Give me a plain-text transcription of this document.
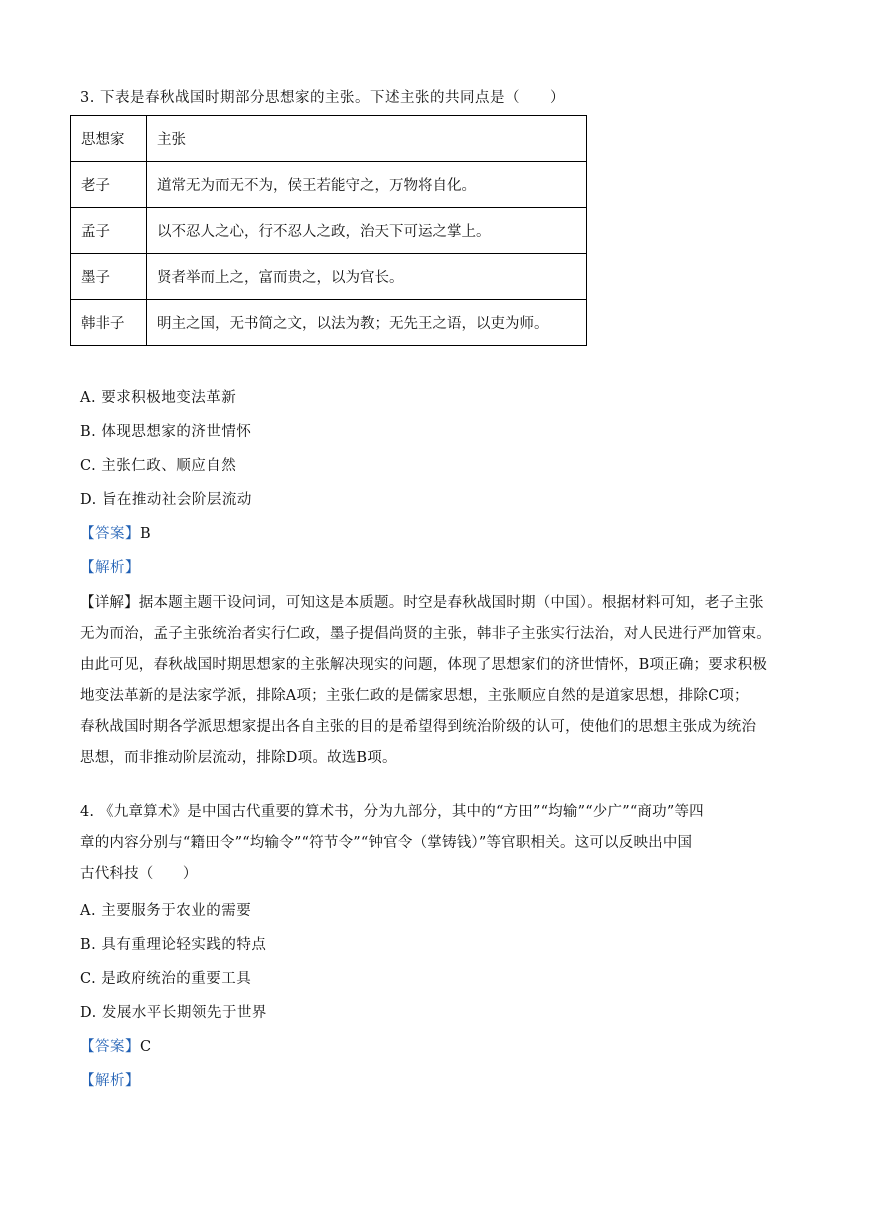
3. 下表是春秋战国时期部分思想家的主张。下述主张的共同点是（　　）
思想家	主张
老子	道常无为而无不为，侯王若能守之，万物将自化。
孟子	以不忍人之心，行不忍人之政，治天下可运之掌上。
墨子	贤者举而上之，富而贵之，以为官长。
韩非子	明主之国，无书简之文，以法为教；无先王之语，以吏为师。
A. 要求积极地变法革新
B. 体现思想家的济世情怀
C. 主张仁政、顺应自然
D. 旨在推动社会阶层流动
【答案】B
【解析】
【详解】据本题主题干设问词，可知这是本质题。时空是春秋战国时期（中国）。根据材料可知，老子主张
无为而治，孟子主张统治者实行仁政，墨子提倡尚贤的主张，韩非子主张实行法治，对人民进行严加管束。
由此可见，春秋战国时期思想家的主张解决现实的问题，体现了思想家们的济世情怀，B项正确；要求积极
地变法革新的是法家学派，排除A项；主张仁政的是儒家思想，主张顺应自然的是道家思想，排除C项；
春秋战国时期各学派思想家提出各自主张的目的是希望得到统治阶级的认可，使他们的思想主张成为统治
思想，而非推动阶层流动，排除D项。故选B项。
4. 《九章算术》是中国古代重要的算术书，分为九部分，其中的“方田”“均输”“少广”“商功”等四
章的内容分别与“籍田令”“均输令”“符节令”“钟官令（掌铸钱）”等官职相关。这可以反映出中国
古代科技（　　）
A. 主要服务于农业的需要
B. 具有重理论轻实践的特点
C. 是政府统治的重要工具
D. 发展水平长期领先于世界
【答案】C
【解析】
